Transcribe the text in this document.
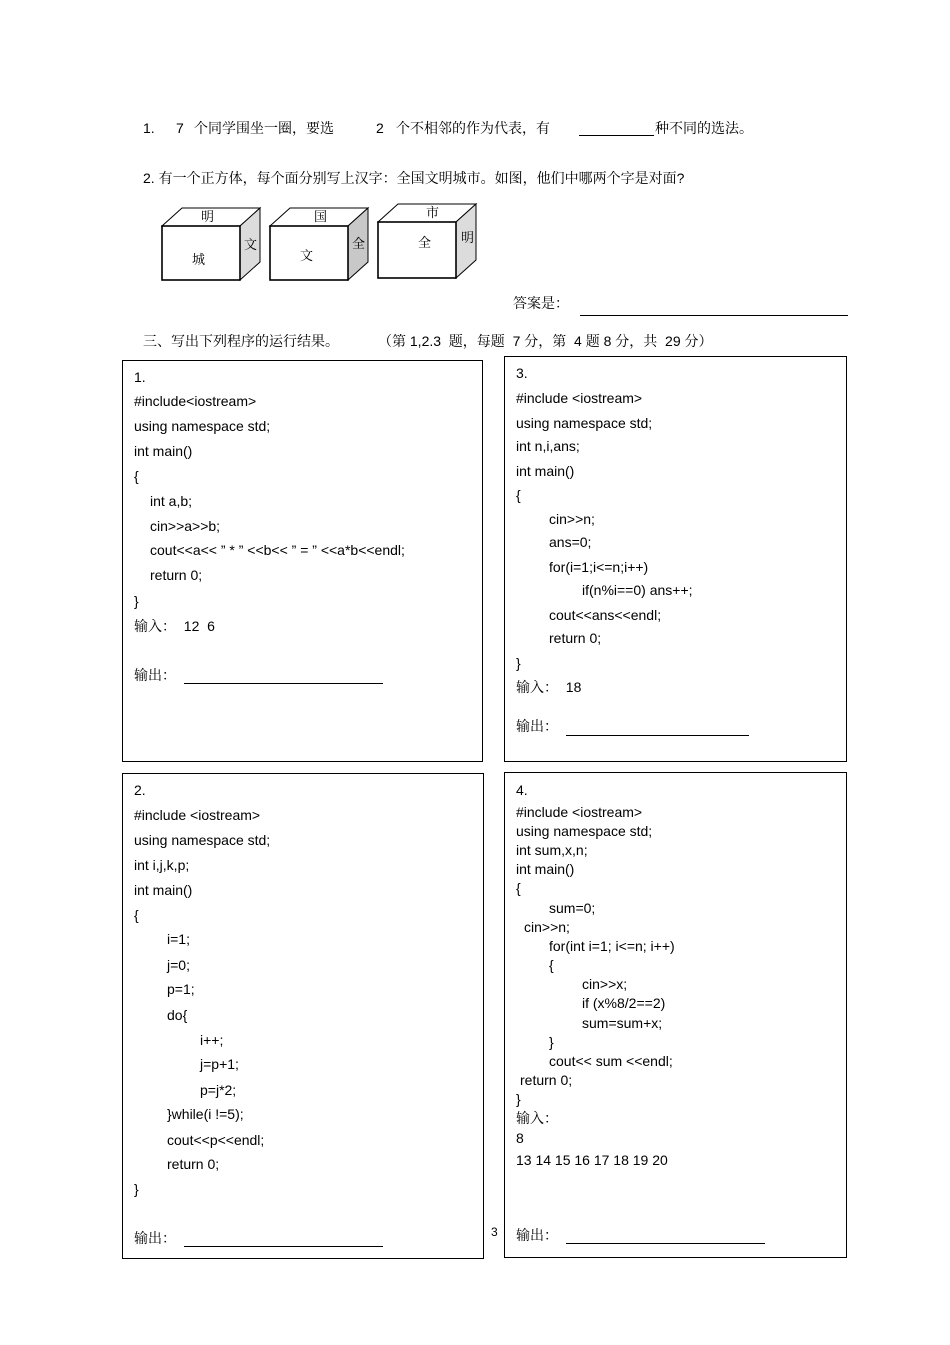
1. 7 个同学围坐一圈，要选	2 个不相邻的作为代表，有	种不同的选法。
2. 有一个正方体，每个面分别写上汉字：全国文明城市。如图，他们中哪两个字是对面?
明
城
文
国
文
全
市
全 明
答案是：
三、写出下列程序的运行结果。	（第 1,2.3  题，每题  7 分，第  4 题 8 分，共  29 分）
1.
#include<iostream>
using namespace std;
int main()
{
int a,b;
cin>>a>>b;
cout<<a<< ” * ” <<b<< ” = ” <<a*b<<endl;
return 0;
}
输入：  12  6
输出：
3.
#include <iostream>
using namespace std;
int n,i,ans;
int main()
{
cin>>n;
ans=0;
for(i=1;i<=n;i++)
if(n%i==0) ans++;
cout<<ans<<endl;
return 0;
}
输入：  18
输出：
2.
#include <iostream>
using namespace std;
int i,j,k,p;
int main()
{
i=1;
j=0;
p=1;
do{
i++;
j=p+1;
p=j*2;
}while(i !=5);
cout<<p<<endl;
return 0;
}
输出：
4.
#include <iostream>
using namespace std;
int sum,x,n;
int main()
{
sum=0;
cin>>n;
for(int i=1; i<=n; i++)
{
cin>>x;
if (x%8/2==2)
sum=sum+x;
}
cout<< sum <<endl;
return 0;
}
输入：
8
13 14 15 16 17 18 19 20
输出：
3
